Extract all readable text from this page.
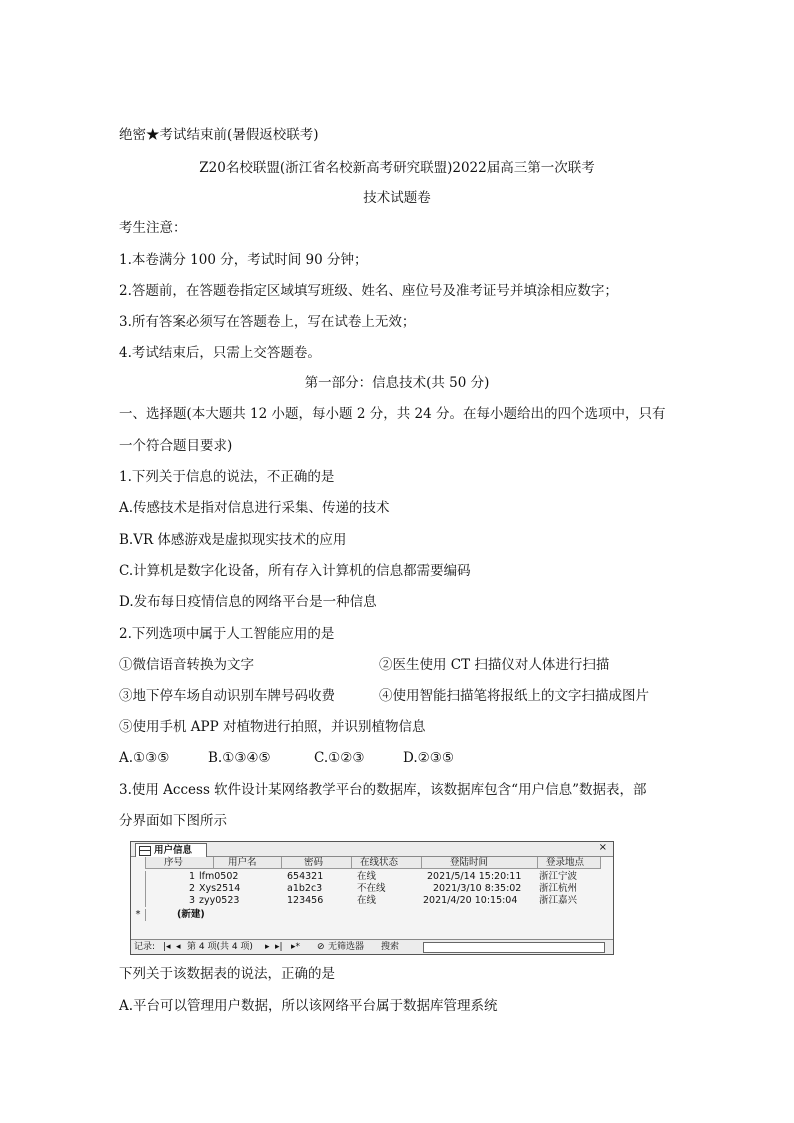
绝密★考试结束前(暑假返校联考)
Z20名校联盟(浙江省名校新高考研究联盟)2022届高三第一次联考
技术试题卷
考生注意：
1.本卷满分 100 分，考试时间 90 分钟；
2.答题前，在答题卷指定区域填写班级、姓名、座位号及准考证号并填涂相应数字；
3.所有答案必须写在答题卷上，写在试卷上无效；
4.考试结束后，只需上交答题卷。
第一部分：信息技术(共 50 分)
一、选择题(本大题共 12 小题，每小题 2 分，共 24 分。在每小题给出的四个选项中，只有
一个符合题目要求)
1.下列关于信息的说法，不正确的是
A.传感技术是指对信息进行采集、传递的技术
B.VR 体感游戏是虚拟现实技术的应用
C.计算机是数字化设备，所有存入计算机的信息都需要编码
D.发布每日疫情信息的网络平台是一种信息
2.下列选项中属于人工智能应用的是
①微信语音转换为文字	②医生使用 CT 扫描仪对人体进行扫描
③地下停车场自动识别车牌号码收费	④使用智能扫描笔将报纸上的文字扫描成图片
⑤使用手机 APP 对植物进行拍照，并识别植物信息
A.①③⑤	B.①③④⑤	C.①②③	D.②③⑤
3.使用 Access 软件设计某网络教学平台的数据库，该数据库包含“用户信息”数据表，部
分界面如下图所示
用户信息	×
序号	用户名	密码	在线状态	登陆时间	登录地点
1 lfm0502	654321	在线	2021/5/14 15:20:11 浙江宁波
2 Xys2514	a1b2c3	不在线	2021/3/10 8:35:02 浙江杭州
3 zyy0523	123456	在线	2021/4/20 10:15:04 浙江嘉兴
*	(新建)
记录: |◂ ◂ 第 4 项(共 4 项) ▸ ▸| ▸* ⊘ 无筛选器 搜索
下列关于该数据表的说法，正确的是
A.平台可以管理用户数据，所以该网络平台属于数据库管理系统
